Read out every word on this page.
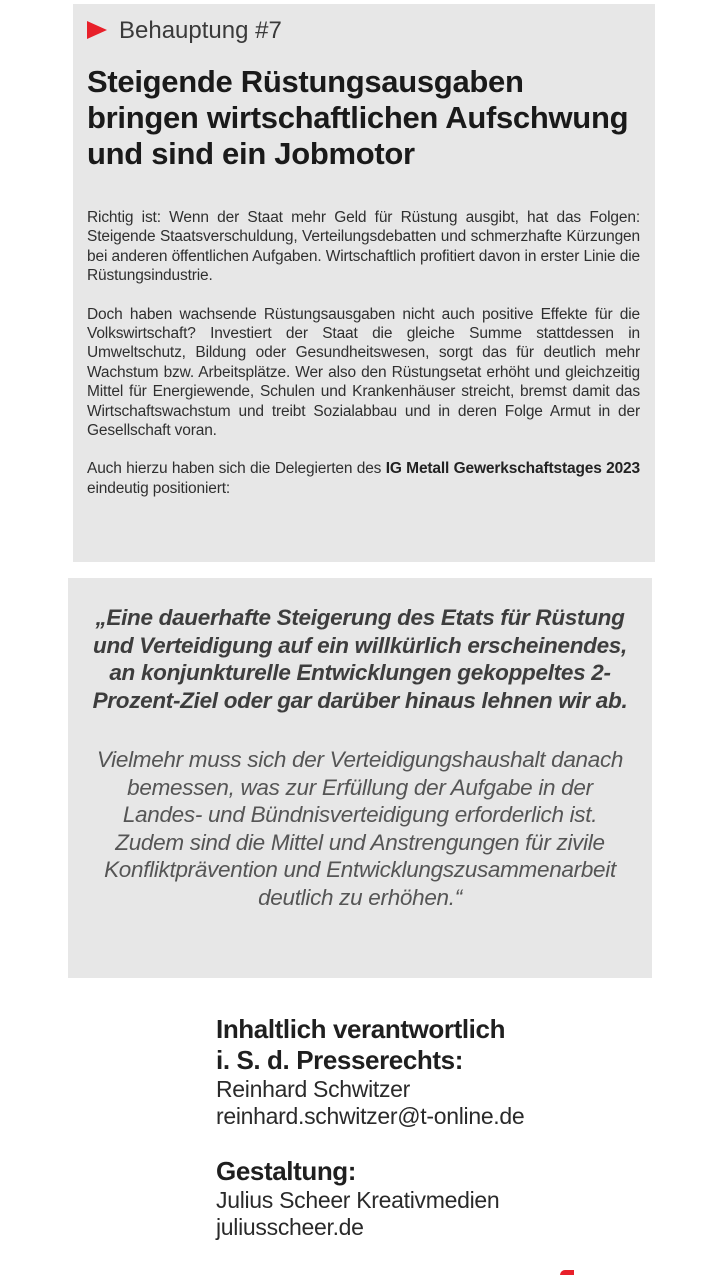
Behauptung #7
Steigende Rüstungsausgaben bringen wirtschaftlichen Aufschwung und sind ein Jobmotor

Richtig ist: Wenn der Staat mehr Geld für Rüstung ausgibt, hat das Folgen: Steigende Staatsverschuldung, Verteilungsdebatten und schmerzhafte Kürzungen bei anderen öffentlichen Aufgaben. Wirtschaftlich profitiert davon in erster Linie die Rüstungsindustrie.

Doch haben wachsende Rüstungsausgaben nicht auch positive Effekte für die Volkswirtschaft? Investiert der Staat die gleiche Summe stattdessen in Umweltschutz, Bildung oder Gesundheitswesen, sorgt das für deutlich mehr Wachstum bzw. Arbeitsplätze. Wer also den Rüstungsetat erhöht und gleichzeitig Mittel für Energiewende, Schulen und Krankenhäuser streicht, bremst damit das Wirtschaftswachstum und treibt Sozialabbau und in deren Folge Armut in der Gesellschaft voran.

Auch hierzu haben sich die Delegierten des IG Metall Gewerkschaftstages 2023 eindeutig positioniert:

„Eine dauerhafte Steigerung des Etats für Rüstung und Verteidigung auf ein willkürlich erscheinendes, an konjunkturelle Entwicklungen gekoppeltes 2-Prozent-Ziel oder gar darüber hinaus lehnen wir ab.

Vielmehr muss sich der Verteidigungshaushalt danach bemessen, was zur Erfüllung der Aufgabe in der Landes- und Bündnisverteidigung erforderlich ist. Zudem sind die Mittel und Anstrengungen für zivile Konfliktprävention und Entwicklungszusammenarbeit deutlich zu erhöhen.“

Inhaltlich verantwortlich

i. S. d. Presserechts:

Reinhard Schwitzer

reinhard.schwitzer@t-online.de

Gestaltung:

Julius Scheer Kreativmedien

juliusscheer.de
